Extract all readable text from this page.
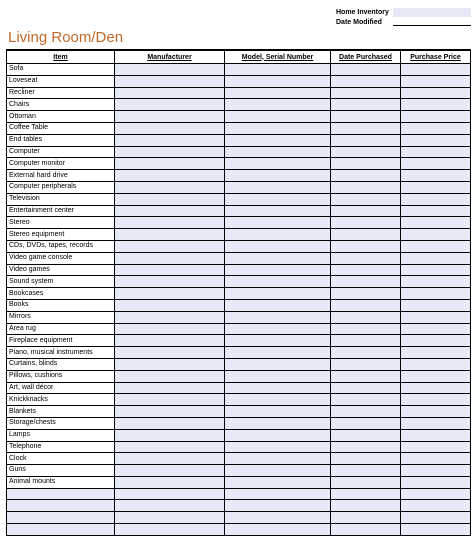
Home Inventory
Date Modified
Living Room/Den
Item	Manufacturer	Model, Serial Number	Date Purchased	Purchase Price
Sofa				
Loveseat				
Recliner				
Chairs				
Ottoman				
Coffee Table				
End tables				
Computer				
Computer monitor				
External hard drive				
Computer peripherals				
Television				
Entertainment center				
Stereo				
Stereo equipment				
CDs, DVDs, tapes, records				
Video game console				
Video games				
Sound system				
Bookcases				
Books				
Mirrors				
Area rug				
Fireplace equipment				
Piano, musical instruments				
Curtains, blinds				
Pillows, cushions				
Art, wall décor				
Knickknacks				
Blankets				
Storage/chests				
Lamps				
Telephone				
Clock				
Guns				
Animal mounts				
